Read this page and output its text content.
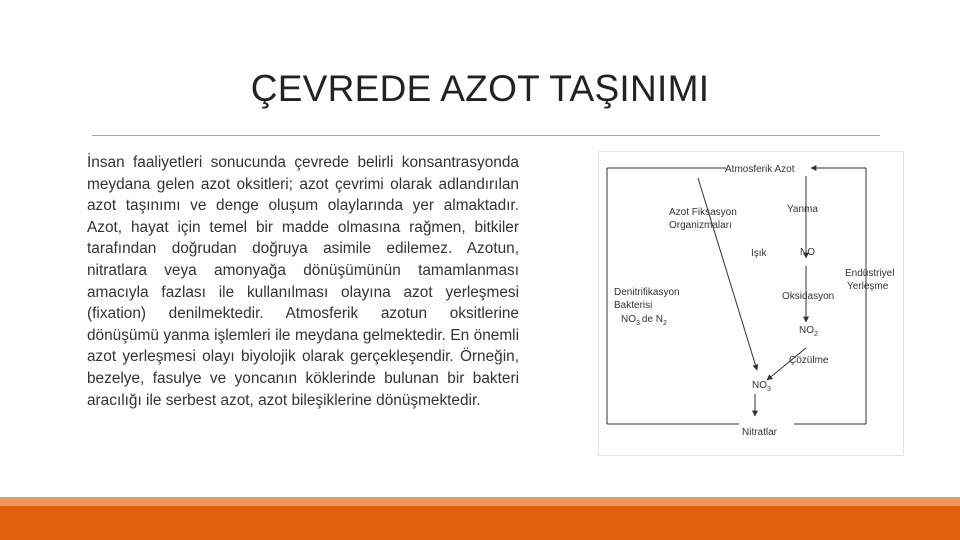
ÇEVREDE AZOT TAŞINIMI
İnsan faaliyetleri sonucunda çevrede belirli konsantrasyonda meydana gelen azot oksitleri; azot çevrimi olarak adlandırılan azot taşınımı ve denge oluşum olaylarında yer almaktadır. Azot, hayat için temel bir madde olmasına rağmen, bitkiler tarafından doğrudan doğruya asimile edilemez. Azotun, nitratlara veya amonyağa dönüşümünün tamamlanması amacıyla fazlası ile kullanılması olayına azot yerleşmesi (fixation) denilmektedir. Atmosferik azotun oksitlerine dönüşümü yanma işlemleri ile meydana gelmektedir. En önemli azot yerleşmesi olayı biyolojik olarak gerçekleşendir. Örneğin, bezelye, fasulye ve yoncanın köklerinde bulunan bir bakteri aracılığı ile serbest azot, azot bileşiklerine dönüşmektedir.
Atmosferik Azot
Yanma
Azot Fiksasyon
Organizmaları
Işık	NO
Endüstriyel
Yerleşme
Denitrifikasyon
Bakterisi
$NO_3$ de $N_2$
Oksidasyon
$NO_2$
Çözülme
$NO_3$
Nitratlar
